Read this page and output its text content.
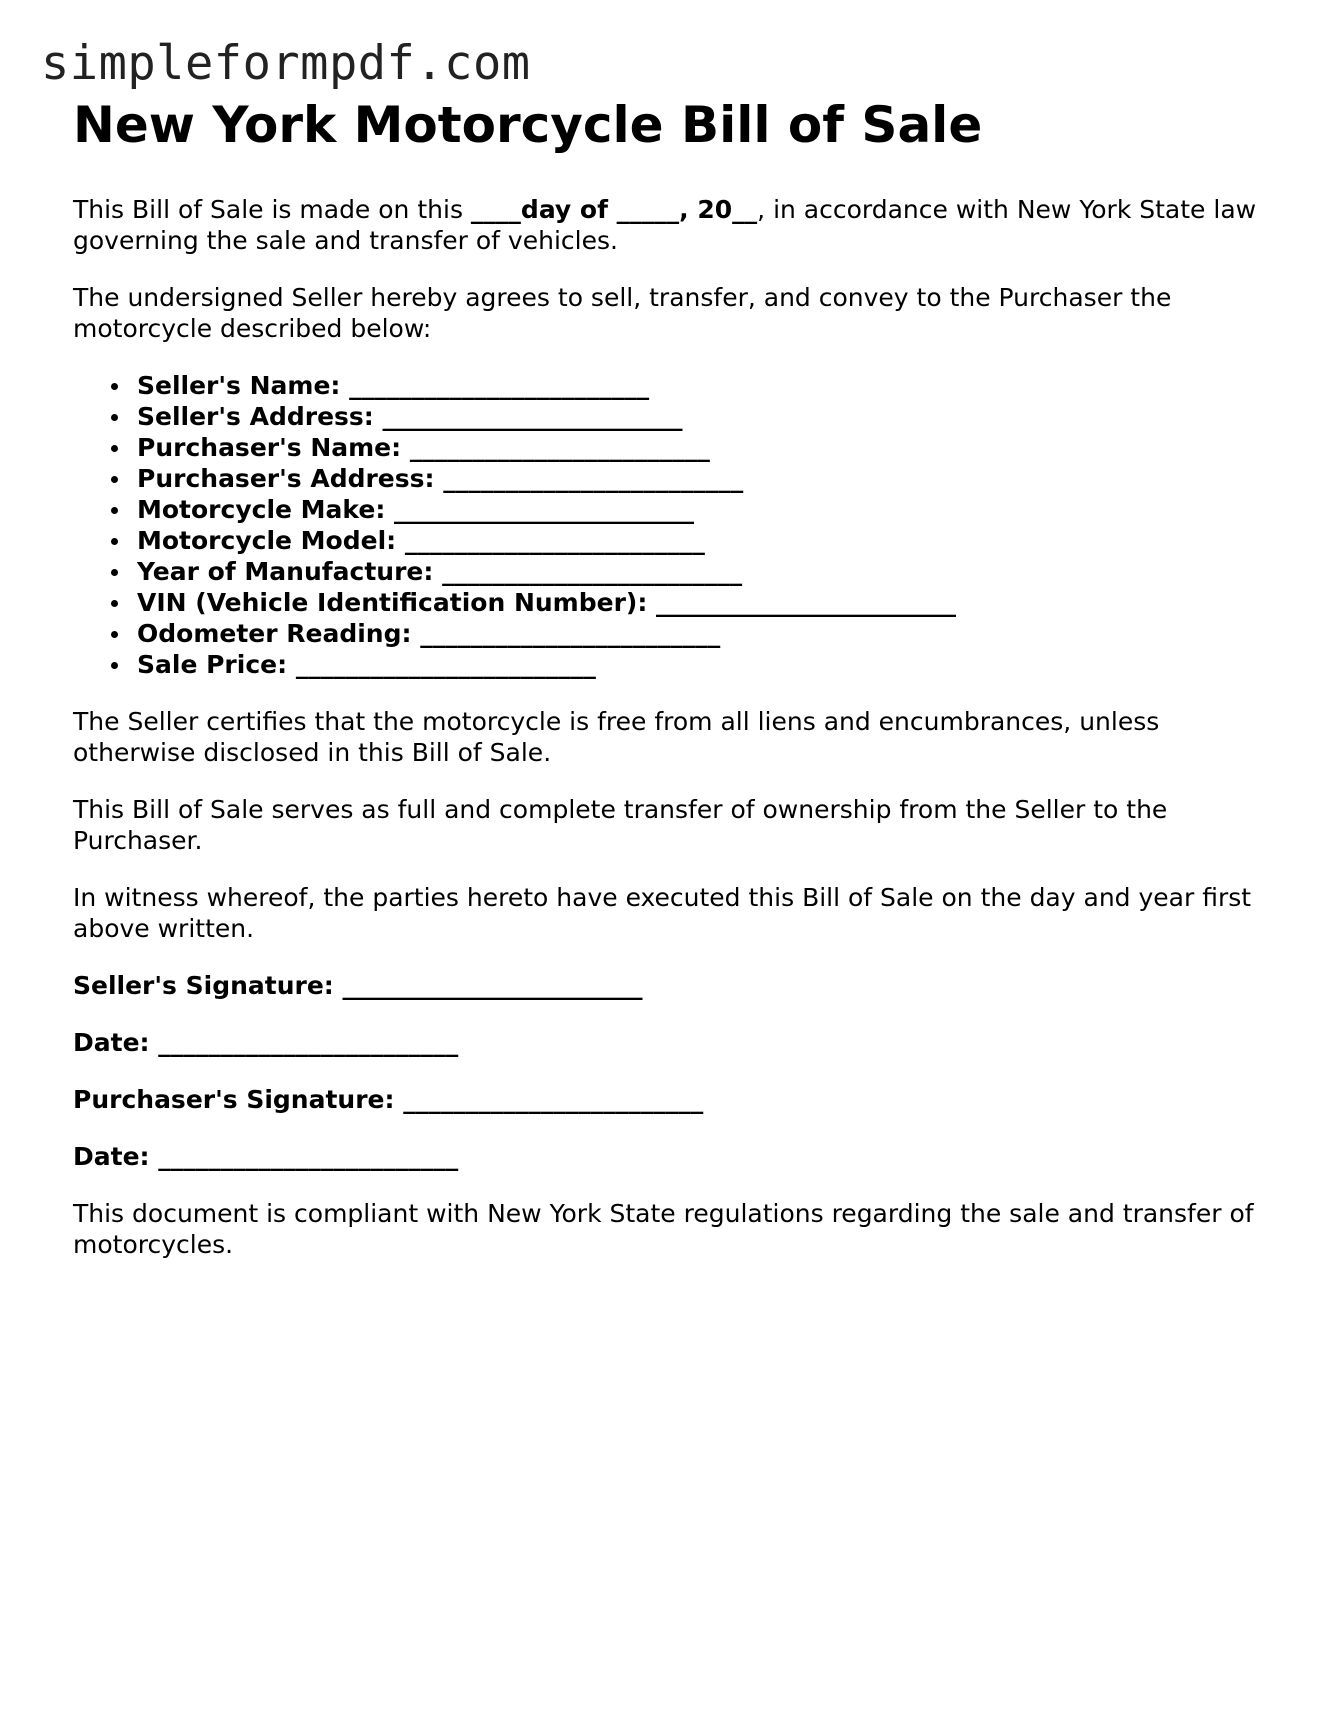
simpleformpdf.com
New York Motorcycle Bill of Sale

This Bill of Sale is made on this ____day of _____, 20__, in accordance with New York State law governing the sale and transfer of vehicles.

The undersigned Seller hereby agrees to sell, transfer, and convey to the Purchaser the motorcycle described below:

Seller's Name: ________________________
Seller's Address: ________________________
Purchaser's Name: ________________________
Purchaser's Address: ________________________
Motorcycle Make: ________________________
Motorcycle Model: ________________________
Year of Manufacture: ________________________
VIN (Vehicle Identification Number): ________________________
Odometer Reading: ________________________
Sale Price: ________________________

The Seller certifies that the motorcycle is free from all liens and encumbrances, unless otherwise disclosed in this Bill of Sale.

This Bill of Sale serves as full and complete transfer of ownership from the Seller to the Purchaser.

In witness whereof, the parties hereto have executed this Bill of Sale on the day and year first above written.

Seller's Signature: ________________________

Date: ________________________

Purchaser's Signature: ________________________

Date: ________________________

This document is compliant with New York State regulations regarding the sale and transfer of motorcycles.
